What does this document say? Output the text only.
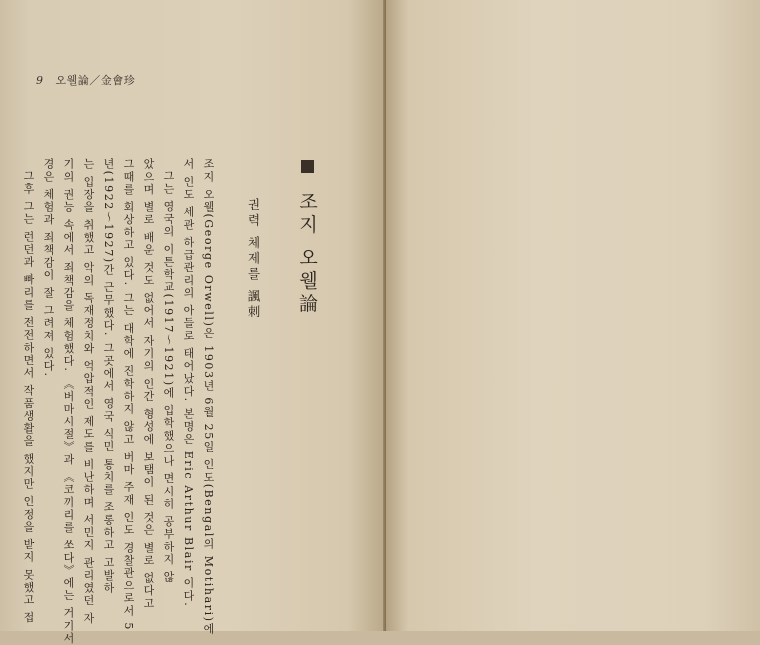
9 오웰論／金會珍
조지 오웰論
권력 체제를 諷刺
조지 오웰(George Orwell)은 1903년 6월 25일 인도(Bengal의 Motihari)에
서 인도 세관 하급관리의 아들로 태어났다. 본명은 Eric Arthur Blair 이다.
그는 영국의 이튼학교(1917～1921)에 입학했으나 면시히 공부하지 않
았으며 별로 배운 것도 없어서 자기의 인간 형성에 보탬이 된 것은 별로 없다고
그때를 회상하고 있다. 그는 대학에 진학하지 않고 버마 주재 인도 경찰관으로서 5
년(1922～1927)간 근무했다. 그곳에서 영국 식민 통치를 조롱하고 고발하
는 입장을 취했고 악의 독재정치와 억압적인 제도를 비난하며 서민지 관리였던 자
기의 권능 속에서 죄책감을 체험했다. 《버마시절》과 《코끼리를 쏘다》에는 거기서
경은 체험과 죄책감이 잘 그려져 있다.
그후 그는 런던과 빠리를 전전하면서 작품생활을 했지만 인정을 받지 못했고 접
